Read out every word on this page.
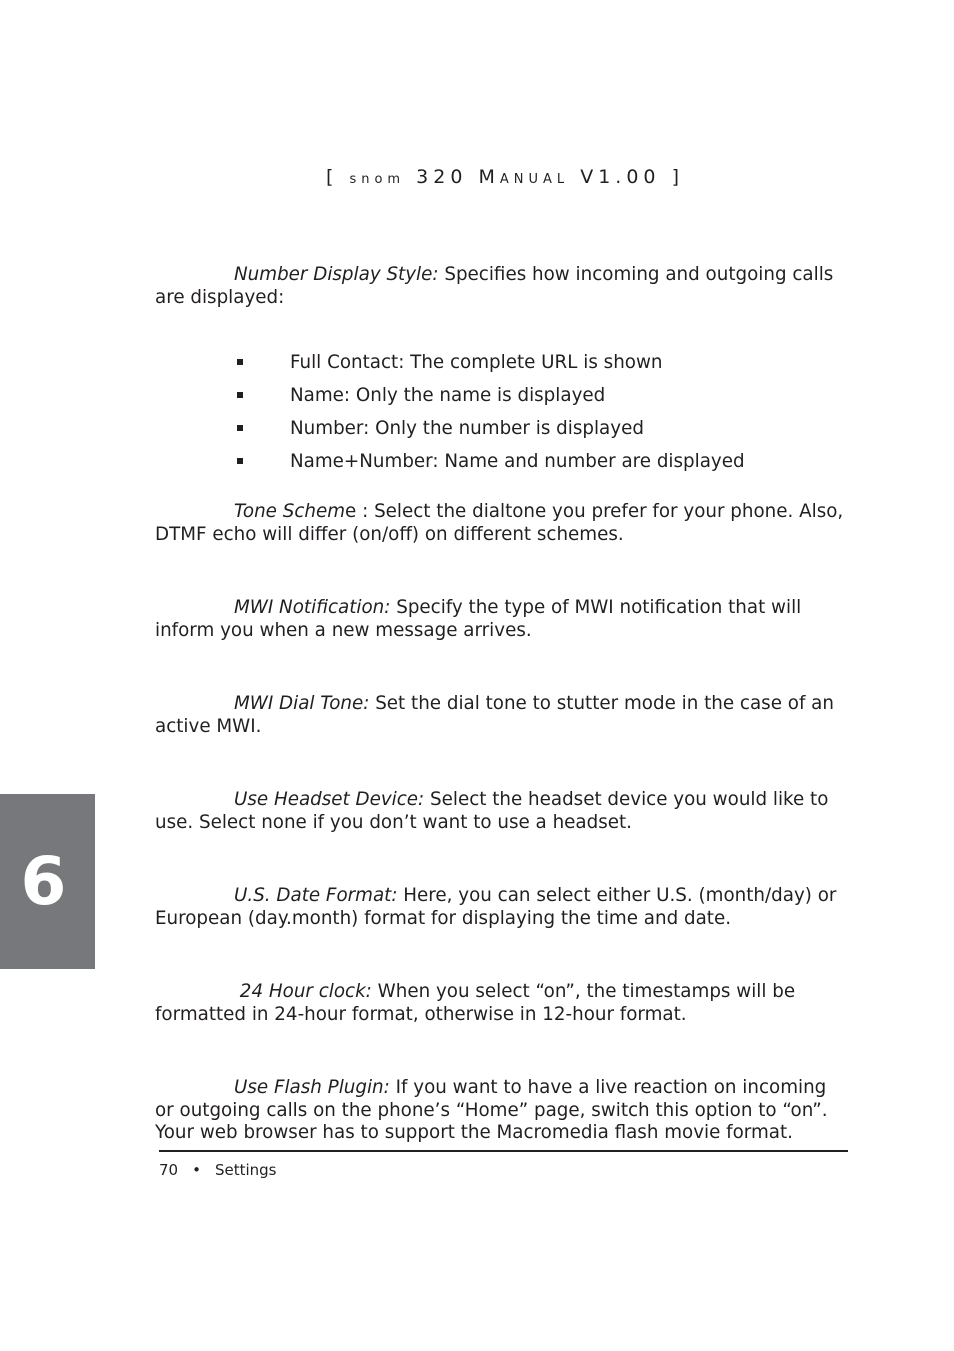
[ snom 320 MANUAL V1.00 ]

Number Display Style: Specifies how incoming and outgoing calls are displayed:

Full Contact: The complete URL is shown
Name: Only the name is displayed
Number: Only the number is displayed
Name+Number: Name and number are displayed

Tone Scheme : Select the dialtone you prefer for your phone. Also, DTMF echo will differ (on/off) on different schemes.

MWI Notification: Specify the type of MWI notification that will inform you when a new message arrives.

MWI Dial Tone: Set the dial tone to stutter mode in the case of an active MWI.

Use Headset Device: Select the headset device you would like to use. Select none if you don’t want to use a headset.

U.S. Date Format: Here, you can select either U.S. (month/day) or European (day.month) format for displaying the time and date.

24 Hour clock: When you select “on”, the timestamps will be formatted in 24-hour format, otherwise in 12-hour format.

Use Flash Plugin: If you want to have a live reaction on incoming or outgoing calls on the phone’s “Home” page, switch this option to “on”. Your web browser has to support the Macromedia flash movie format.

6
70 • Settings
